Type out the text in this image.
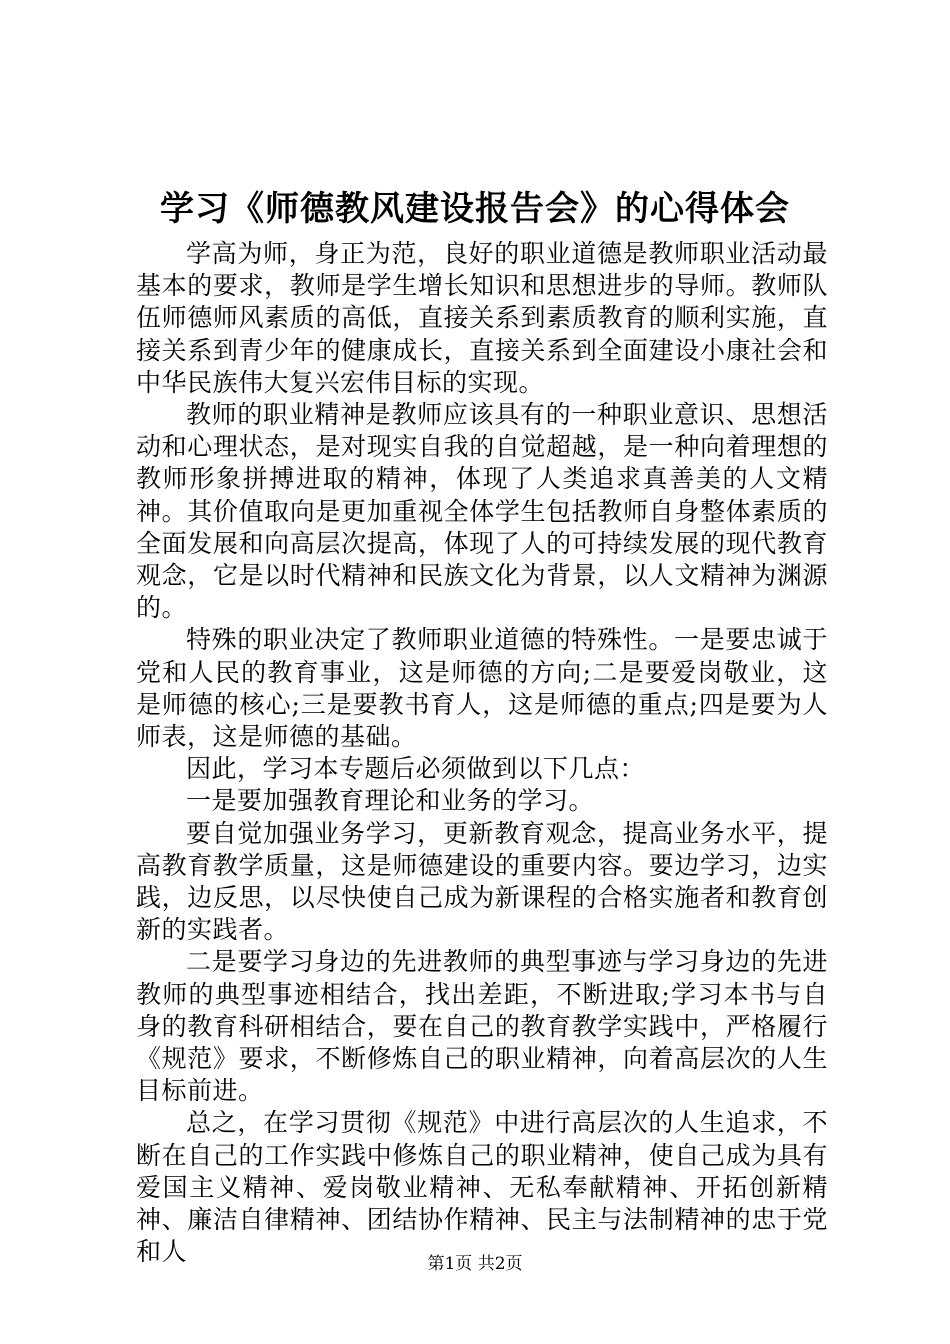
学习《师德教风建设报告会》的心得体会

学高为师，身正为范，良好的职业道德是教师职业活动最基本的要求，教师是学生增长知识和思想进步的导师。教师队伍师德师风素质的高低，直接关系到素质教育的顺利实施，直接关系到青少年的健康成长，直接关系到全面建设小康社会和中华民族伟大复兴宏伟目标的实现。

教师的职业精神是教师应该具有的一种职业意识、思想活动和心理状态，是对现实自我的自觉超越，是一种向着理想的教师形象拼搏进取的精神，体现了人类追求真善美的人文精神。其价值取向是更加重视全体学生包括教师自身整体素质的全面发展和向高层次提高，体现了人的可持续发展的现代教育观念，它是以时代精神和民族文化为背景，以人文精神为渊源的。

特殊的职业决定了教师职业道德的特殊性。一是要忠诚于党和人民的教育事业，这是师德的方向;二是要爱岗敬业，这是师德的核心;三是要教书育人，这是师德的重点;四是要为人师表，这是师德的基础。

因此，学习本专题后必须做到以下几点：

一是要加强教育理论和业务的学习。

要自觉加强业务学习，更新教育观念，提高业务水平，提高教育教学质量，这是师德建设的重要内容。要边学习，边实践，边反思，以尽快使自己成为新课程的合格实施者和教育创新的实践者。

二是要学习身边的先进教师的典型事迹与学习身边的先进教师的典型事迹相结合，找出差距，不断进取;学习本书与自身的教育科研相结合，要在自己的教育教学实践中，严格履行《规范》要求，不断修炼自己的职业精神，向着高层次的人生目标前进。

总之，在学习贯彻《规范》中进行高层次的人生追求，不断在自己的工作实践中修炼自己的职业精神，使自己成为具有爱国主义精神、爱岗敬业精神、无私奉献精神、开拓创新精神、廉洁自律精神、团结协作精神、民主与法制精神的忠于党和人	第1页 共2页
